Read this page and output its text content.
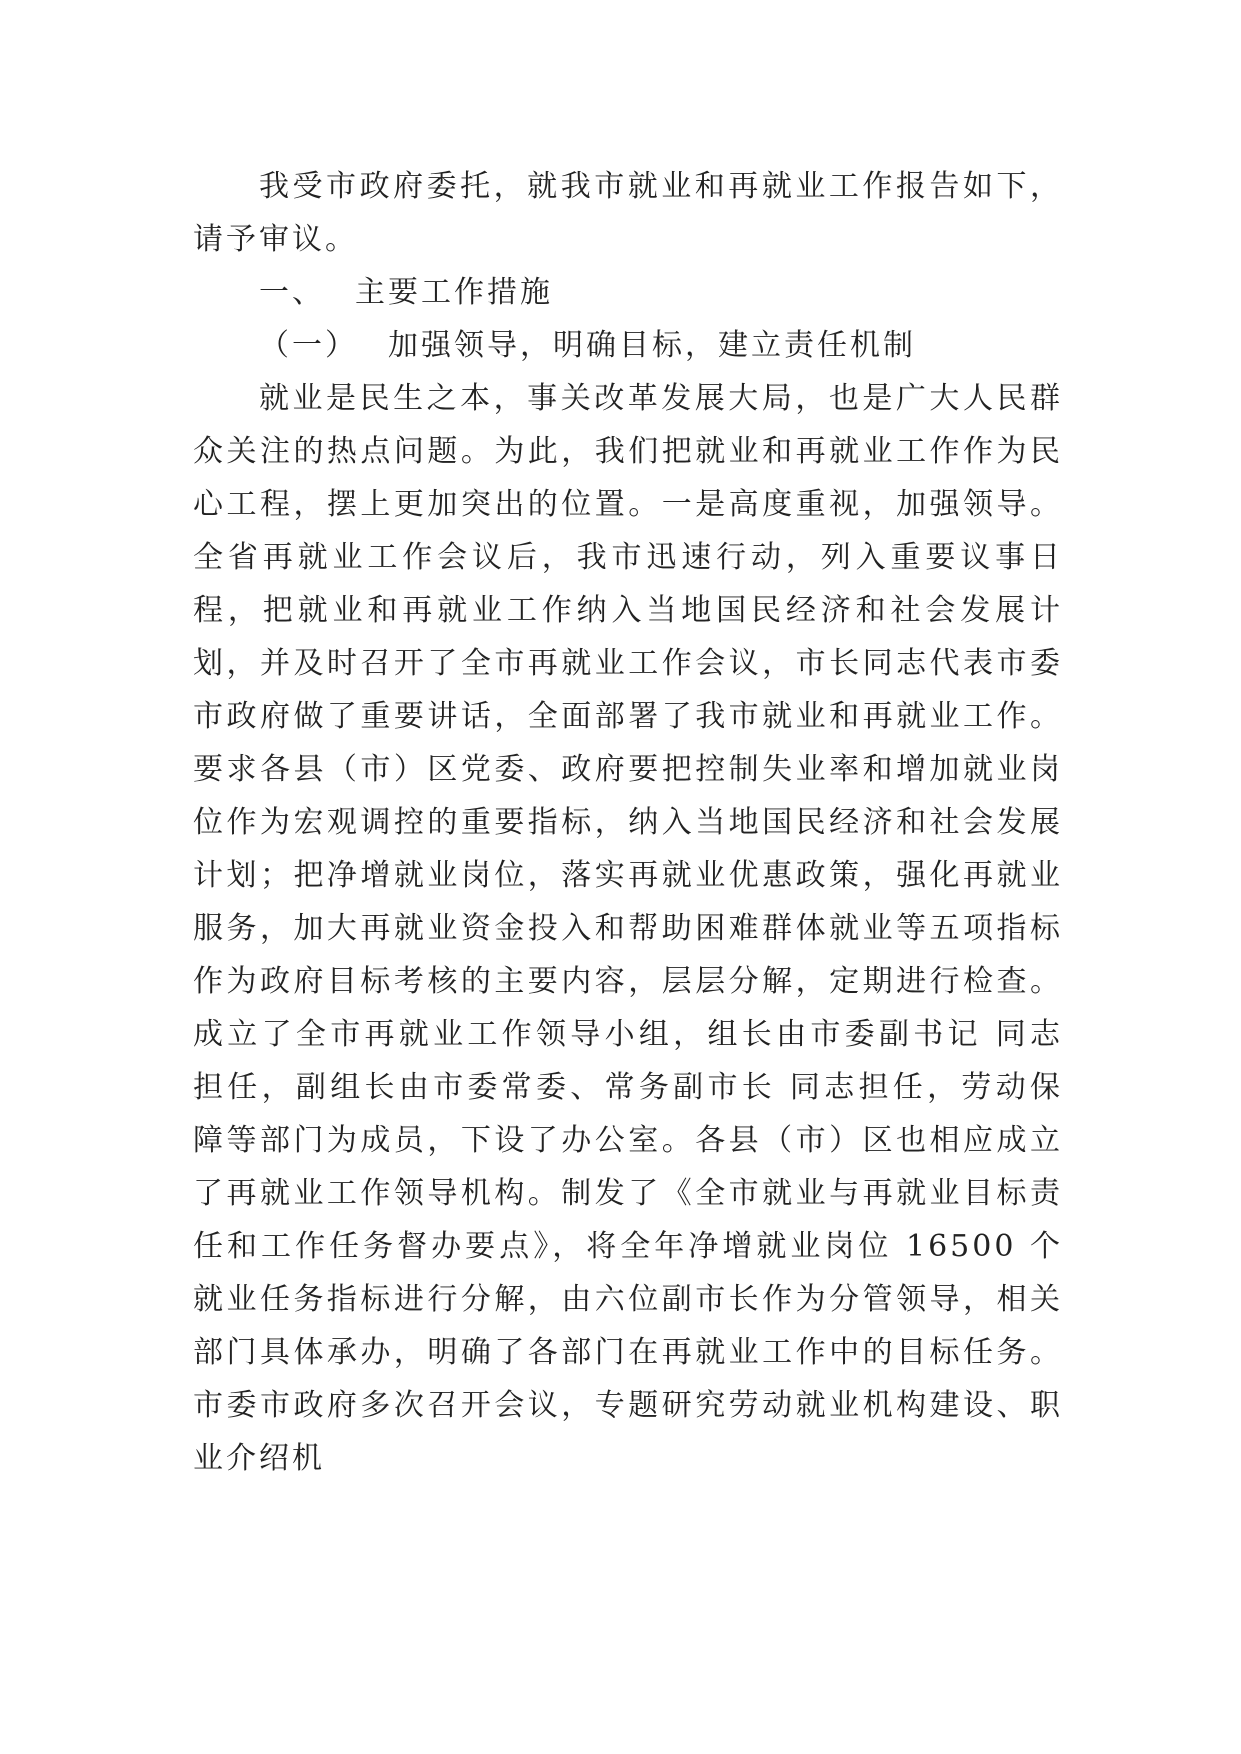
我受市政府委托，就我市就业和再就业工作报告如下，请予审议。

一、 主要工作措施
（一） 加强领导，明确目标，建立责任机制

就业是民生之本，事关改革发展大局，也是广大人民群众关注的热点问题。为此，我们把就业和再就业工作作为民心工程，摆上更加突出的位置。一是高度重视，加强领导。全省再就业工作会议后，我市迅速行动，列入重要议事日程，把就业和再就业工作纳入当地国民经济和社会发展计划，并及时召开了全市再就业工作会议，市长同志代表市委市政府做了重要讲话，全面部署了我市就业和再就业工作。要求各县（市）区党委、政府要把控制失业率和增加就业岗位作为宏观调控的重要指标，纳入当地国民经济和社会发展计划；把净增就业岗位，落实再就业优惠政策，强化再就业服务，加大再就业资金投入和帮助困难群体就业等五项指标作为政府目标考核的主要内容，层层分解，定期进行检查。成立了全市再就业工作领导小组，组长由市委副书记 同志担任，副组长由市委常委、常务副市长 同志担任，劳动保障等部门为成员，下设了办公室。各县（市）区也相应成立了再就业工作领导机构。制发了《全市就业与再就业目标责任和工作任务督办要点》，将全年净增就业岗位 16500 个就业任务指标进行分解，由六位副市长作为分管领导，相关部门具体承办，明确了各部门在再就业工作中的目标任务。市委市政府多次召开会议，专题研究劳动就业机构建设、职业介绍机
